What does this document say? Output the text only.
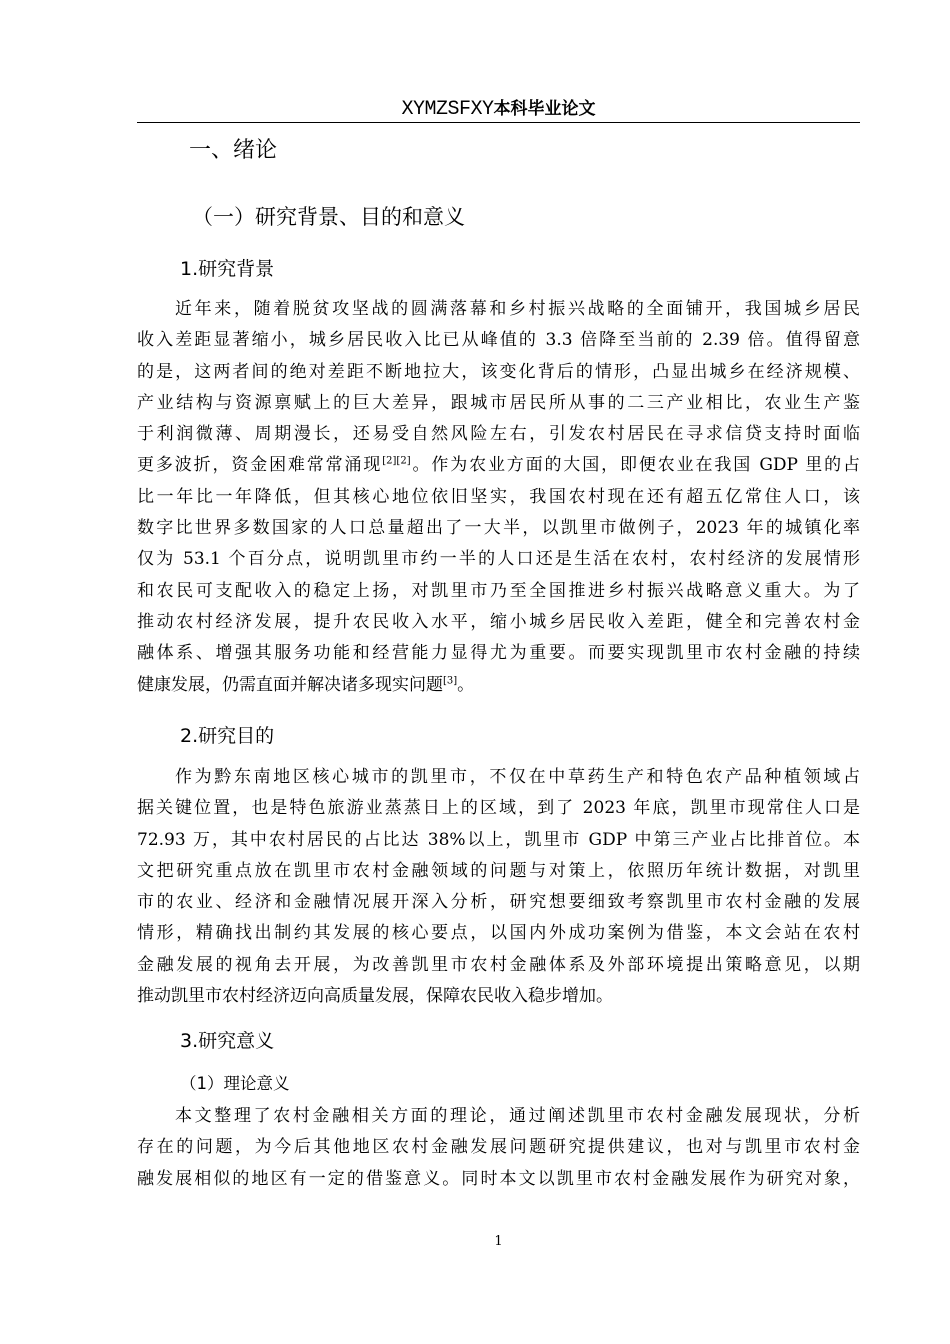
XYMZSFXY本科毕业论文
一、绪论
（一）研究背景、目的和意义
1.研究背景
近年来，随着脱贫攻坚战的圆满落幕和乡村振兴战略的全面铺开，我国城乡居民
收入差距显著缩小，城乡居民收入比已从峰值的 3.3 倍降至当前的 2.39 倍。值得留意
的是，这两者间的绝对差距不断地拉大，该变化背后的情形，凸显出城乡在经济规模、
产业结构与资源禀赋上的巨大差异，跟城市居民所从事的二三产业相比，农业生产鉴
于利润微薄、周期漫长，还易受自然风险左右，引发农村居民在寻求信贷支持时面临
更多波折，资金困难常常涌现[2][2]。作为农业方面的大国，即便农业在我国 GDP 里的占
比一年比一年降低，但其核心地位依旧坚实，我国农村现在还有超五亿常住人口，该
数字比世界多数国家的人口总量超出了一大半，以凯里市做例子，2023 年的城镇化率
仅为 53.1 个百分点，说明凯里市约一半的人口还是生活在农村，农村经济的发展情形
和农民可支配收入的稳定上扬，对凯里市乃至全国推进乡村振兴战略意义重大。为了
推动农村经济发展，提升农民收入水平，缩小城乡居民收入差距，健全和完善农村金
融体系、增强其服务功能和经营能力显得尤为重要。而要实现凯里市农村金融的持续
健康发展，仍需直面并解决诸多现实问题[3]。
2.研究目的
作为黔东南地区核心城市的凯里市，不仅在中草药生产和特色农产品种植领域占
据关键位置，也是特色旅游业蒸蒸日上的区域，到了 2023 年底，凯里市现常住人口是
72.93 万，其中农村居民的占比达 38%以上，凯里市 GDP 中第三产业占比排首位。本
文把研究重点放在凯里市农村金融领域的问题与对策上，依照历年统计数据，对凯里
市的农业、经济和金融情况展开深入分析，研究想要细致考察凯里市农村金融的发展
情形，精确找出制约其发展的核心要点，以国内外成功案例为借鉴，本文会站在农村
金融发展的视角去开展，为改善凯里市农村金融体系及外部环境提出策略意见，以期
推动凯里市农村经济迈向高质量发展，保障农民收入稳步增加。
3.研究意义
（1）理论意义
本文整理了农村金融相关方面的理论，通过阐述凯里市农村金融发展现状，分析
存在的问题，为今后其他地区农村金融发展问题研究提供建议，也对与凯里市农村金
融发展相似的地区有一定的借鉴意义。同时本文以凯里市农村金融发展作为研究对象，
1
